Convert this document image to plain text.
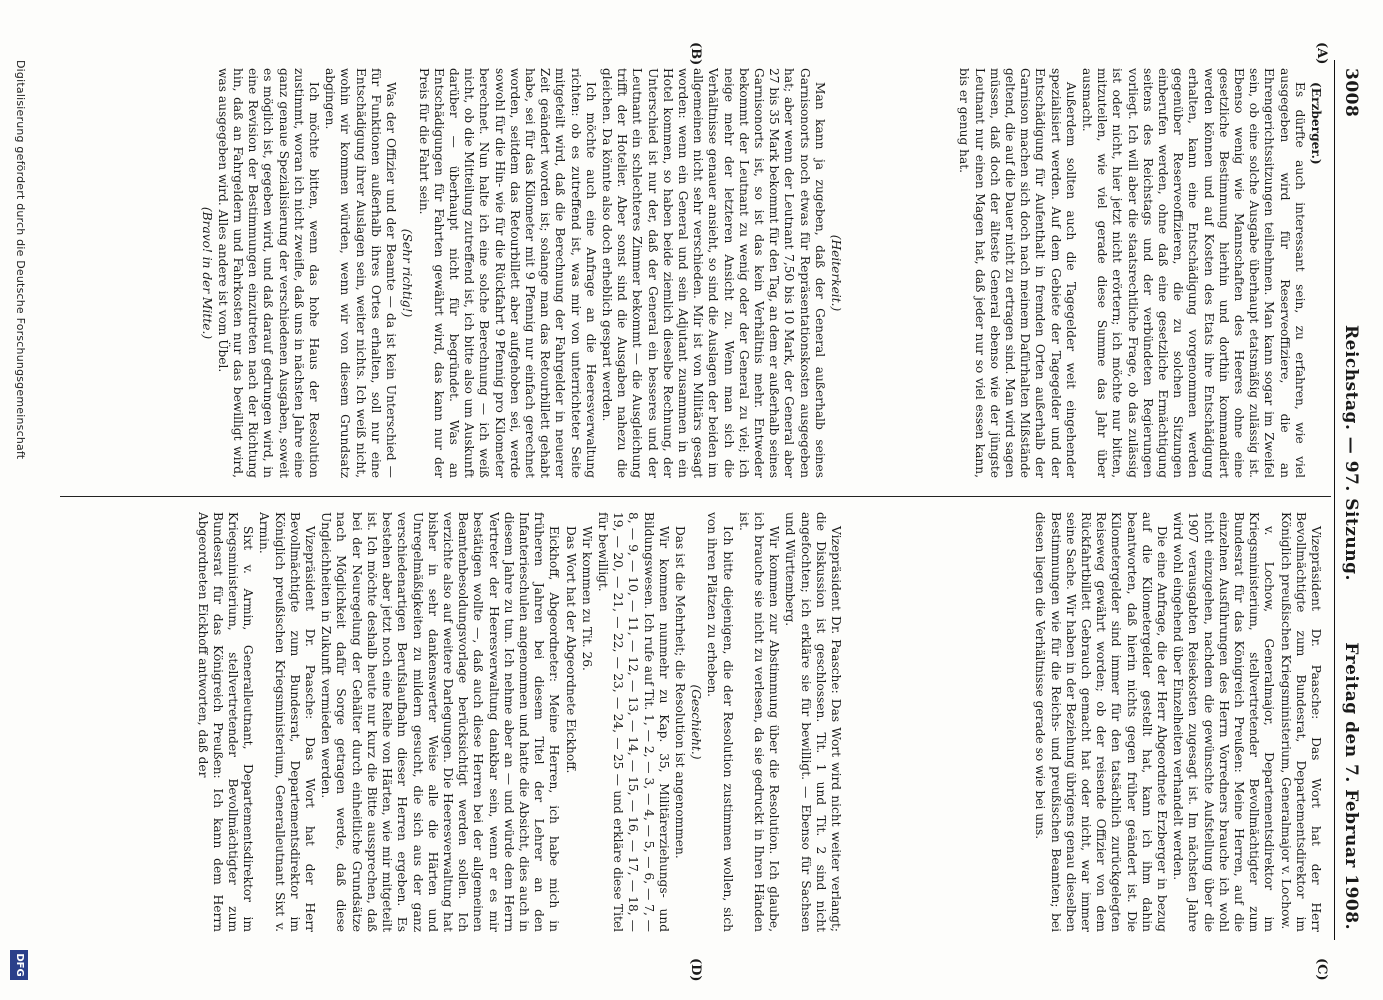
3008
Reichstag. — 97. Sitzung.
Freitag den 7. Februar 1908.
(A)
(B)
(C)
(D)

(Erzberger.)

Es dürfte auch interessant sein, zu erfahren, wie viel ausgegeben wird für Reserveoffiziere, die an Ehrengerichtssitzungen teilnehmen. Man kann sogar im Zweifel sein, ob eine solche Ausgabe überhaupt etatsmäßig zulässig ist. Ebenso wenig wie Mannschaften des Heeres ohne eine gesetzliche Bestimmung hierhin und dorthin kommandiert werden können und auf Kosten des Etats ihre Entschädigung erhalten, kann eine Entschädigung vorgenommen werden gegenüber Reserveoffizieren, die zu solchen Sitzungen einberufen werden, ohne daß eine gesetzliche Ermächtigung seitens des Reichstags und der verbündeten Regierungen vorliegt. Ich will aber die staatsrechtliche Frage, ob das zulässig ist oder nicht, hier jetzt nicht erörtern; ich möchte nur bitten, mitzuteilen, wie viel gerade diese Summe das Jahr über ausmacht.

Außerdem sollten auch die Tagegelder weit eingehender spezialisiert werden. Auf dem Gebiete der Tagegelder und der Entschädigung für Aufenthalt in fremden Orten außerhalb der Garnison machen sich doch nach meinem Dafürhalten Mißstände geltend, die auf die Dauer nicht zu ertragen sind. Man wird sagen müssen, daß doch der älteste General ebenso wie der jüngste Leutnant nur einen Magen hat, daß jeder nur so viel essen kann, bis er genug hat.

Vizepräsident Dr. Paasche: Das Wort hat der Herr Bevollmächtigte zum Bundesrat, Departementsdirektor im Königlich preußischen Kriegsministerium, Generalmajor v. Lochow.

v. Lochow, Generalmajor, Departementsdirektor im Kriegsministerium, stellvertretender Bevollmächtigter zum Bundesrat für das Königreich Preußen: Meine Herren, auf die einzelnen Ausführungen des Herrn Vorredners brauche ich wohl nicht einzugehen, nachdem die gewünschte Aufstellung über die 1907 verausgabten Reisekosten zugesagt ist. Im nächsten Jahre wird wohl eingehend über Einzelheiten verhandelt werden.

Die eine Anfrage, die der Herr Abgeordnete Erzberger in bezug auf die Kilometergelder gestellt hat, kann ich ihm dahin beantworten, daß hierin nichts gegen früher geändert ist. Die Kilometergelder sind immer für den tatsächlich zurückgelegten Reiseweg gewährt worden; ob der reisende Offizier von dem Rückfahrtbillett Gebrauch gemacht hat oder nicht, war immer seine Sache. Wir haben in der Beziehung übrigens genau dieselben Bestimmungen wie für die Reichs- und preußischen Beamten; bei diesen liegen die Verhältnisse gerade so wie bei uns.

(Heiterkeit.)

Man kann ja zugeben, daß der General außerhalb seines Garnisonorts noch etwas für Repräsentationskosten ausgegeben hat; aber wenn der Leutnant 7,50 bis 10 Mark, der General aber 27 bis 35 Mark bekommt für den Tag, an dem er außerhalb seines Garnisonorts ist, so ist das kein Verhältnis mehr. Entweder bekommt der Leutnant zu wenig oder der General zu viel; ich neige mehr der letzteren Ansicht zu. Wenn man sich die Verhältnisse genauer ansieht, so sind die Auslagen der beiden im allgemeinen nicht sehr verschieden. Mir ist von Militärs gesagt worden: wenn ein General und sein Adjutant zusammen in ein Hotel kommen, so haben beide ziemlich dieselbe Rechnung, der Unterschied ist nur der, daß der General ein besseres und der Leutnant ein schlechteres Zimmer bekommt — die Ausgleichung trifft der Hotelier. Aber sonst sind die Ausgaben nahezu die gleichen. Da könnte also doch erheblich gespart werden.

Ich möchte auch eine Anfrage an die Heeresverwaltung richten: ob es zutreffend ist, was mir von unterrichteter Seite mitgeteilt wird, daß die Berechnung der Fahrgelder in neuerer Zeit geändert worden ist; solange man das Retourbillett gehabt habe, sei für das Kilometer mit 9 Pfennig nur einfach gerechnet worden, seitdem das Retourbillett aber aufgehoben sei, werde sowohl für die Hin- wie für die Rückfahrt 9 Pfennig pro Kilometer berechnet. Nun halte ich eine solche Berechnung — ich weiß nicht, ob die Mitteilung zutreffend ist, ich bitte also um Auskunft darüber — überhaupt nicht für begründet. Was an Entschädigungen für Fahrten gewährt wird, das kann nur der Preis für die Fahrt sein.

(Sehr richtig!)

Was der Offizier und der Beamte — da ist kein Unterschied — für Funktionen außerhalb ihres Ortes erhalten, soll nur eine Entschädigung ihrer Auslagen sein, weiter nichts. Ich weiß nicht, wohin wir kommen würden, wenn wir von diesem Grundsatz abgingen.

Ich möchte bitten, wenn das hohe Haus der Resolution zustimmt, woran ich nicht zweifle, daß uns in nächsten Jahre eine ganz genaue Spezialisierung der verschiedenen Ausgaben, soweit es möglich ist, gegeben wird, und daß darauf gedrungen wird, in eine Revision der Bestimmungen einzutreten nach der Richtung hin, daß an Fahrgeldern und Fahrkosten nur das bewilligt wird, was ausgegeben wird. Alles andere ist vom Übel.

(Bravo! in der Mitte.)

Vizepräsident Dr. Paasche: Das Wort wird nicht weiter verlangt; die Diskussion ist geschlossen. Tit. 1 und Tit. 2 sind nicht angefochten; ich erkläre sie für bewilligt. — Ebenso für Sachsen und Württemberg.

Wir kommen zur Abstimmung über die Resolution. Ich glaube, ich brauche sie nicht zu verlesen, da sie gedruckt in Ihren Händen ist.

Ich bitte diejenigen, die der Resolution zustimmen wollen, sich von ihren Plätzen zu erheben.

(Geschieht.)

Das ist die Mehrheit; die Resolution ist angenommen.

Wir kommen nunmehr zu Kap. 35, Militärerziehungs- und Bildungswesen. Ich rufe auf Tit. 1, — 2, — 3, — 4, — 5, — 6, — 7, — 8, — 9, — 10, — 11, — 12, — 13, — 14, — 15, — 16, — 17, — 18, — 19, — 20, — 21, — 22, — 23, — 24, — 25 — und erkläre diese Titel für bewilligt.

Wir kommen zu Tit. 26.

Das Wort hat der Abgeordnete Eickhoff.

Eickhoff, Abgeordneter: Meine Herren, ich habe mich in früheren Jahren bei diesem Titel der Lehrer an den Infanterieschulen angenommen und hatte die Absicht, dies auch in diesem Jahre zu tun. Ich nehme aber an — und würde dem Herrn Vertreter der Heeresverwaltung dankbar sein, wenn er es mir bestätigen wollte —, daß auch diese Herren bei der allgemeinen Beamtenbesoldungsvorlage berücksichtigt werden sollen. Ich verzichte also auf weitere Darlegungen. Die Heeresverwaltung hat bisher in sehr dankenswerter Weise alle die Härten und Unregelmäßigkeiten zu mildern gesucht, die sich aus der ganz verschiedenartigen Berufslaufbahn dieser Herren ergeben. Es bestehen aber jetzt noch eine Reihe von Härten, wie mir mitgeteilt ist. Ich möchte deshalb heute nur kurz die Bitte aussprechen, daß bei der Neuregelung der Gehälter durch einheitliche Grundsätze nach Möglichkeit dafür Sorge getragen werde, daß diese Ungleichheiten in Zukunft vermieden werden.

Vizepräsident Dr. Paasche: Das Wort hat der Herr Bevollmächtigte zum Bundesrat, Departementsdirektor im Königlich preußischen Kriegsministerium, Generalleutnant Sixt v. Armin.

Sixt v. Armin, Generalleutnant, Departementsdirektor im Kriegsministerium, stellvertretender Bevollmächtigter zum Bundesrat für das Königreich Preußen: Ich kann dem Herrn Abgeordneten Eickhoff antworten, daß der

Digitalisierung gefördert durch die Deutsche Forschungsgemeinschaft
DFG
